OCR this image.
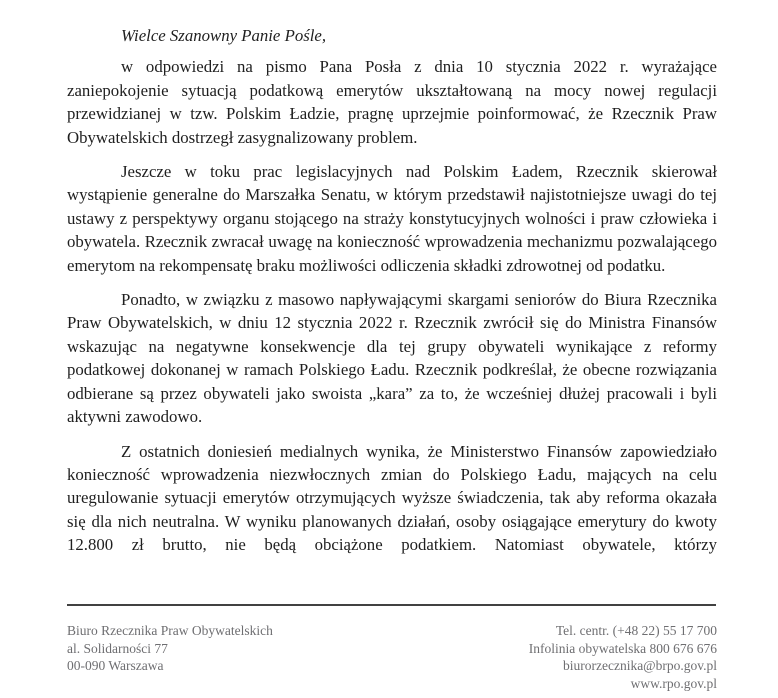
Wielce Szanowny Panie Pośle,

w odpowiedzi na pismo Pana Posła z dnia 10 stycznia 2022 r. wyrażające zaniepokojenie sytuacją podatkową emerytów ukształtowaną na mocy nowej regulacji przewidzianej w tzw. Polskim Ładzie, pragnę uprzejmie poinformować, że Rzecznik Praw Obywatelskich dostrzegł zasygnalizowany problem.

Jeszcze w toku prac legislacyjnych nad Polskim Ładem, Rzecznik skierował wystąpienie generalne do Marszałka Senatu, w którym przedstawił najistotniejsze uwagi do tej ustawy z perspektywy organu stojącego na straży konstytucyjnych wolności i praw człowieka i obywatela. Rzecznik zwracał uwagę na konieczność wprowadzenia mechanizmu pozwalającego emerytom na rekompensatę braku możliwości odliczenia składki zdrowotnej od podatku.

Ponadto, w związku z masowo napływającymi skargami seniorów do Biura Rzecznika Praw Obywatelskich, w dniu 12 stycznia 2022 r. Rzecznik zwrócił się do Ministra Finansów wskazując na negatywne konsekwencje dla tej grupy obywateli wynikające z reformy podatkowej dokonanej w ramach Polskiego Ładu. Rzecznik podkreślał, że obecne rozwiązania odbierane są przez obywateli jako swoista „kara” za to, że wcześniej dłużej pracowali i byli aktywni zawodowo.

Z ostatnich doniesień medialnych wynika, że Ministerstwo Finansów zapowiedziało konieczność wprowadzenia niezwłocznych zmian do Polskiego Ładu, mających na celu uregulowanie sytuacji emerytów otrzymujących wyższe świadczenia, tak aby reforma okazała się dla nich neutralna. W wyniku planowanych działań, osoby osiągające emerytury do kwoty 12.800 zł brutto, nie będą obciążone podatkiem. Natomiast obywatele, którzy

Biuro Rzecznika Praw Obywatelskich
al. Solidarności 77
00-090 Warszawa
Tel. centr. (+48 22) 55 17 700
Infolinia obywatelska 800 676 676
biurorzecznika@brpo.gov.pl
www.rpo.gov.pl
